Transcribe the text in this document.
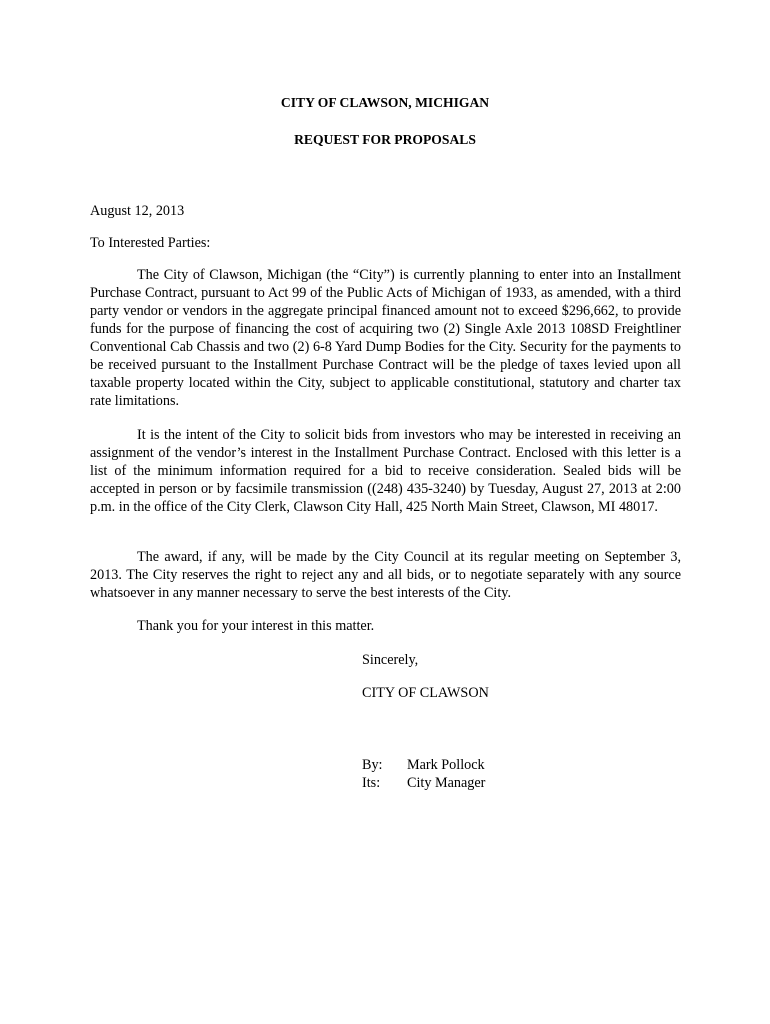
CITY OF CLAWSON, MICHIGAN
REQUEST FOR PROPOSALS
August 12, 2013
To Interested Parties:

The City of Clawson, Michigan (the “City”) is currently planning to enter into an Installment Purchase Contract, pursuant to Act 99 of the Public Acts of Michigan of 1933, as amended, with a third party vendor or vendors in the aggregate principal financed amount not to exceed $296,662, to provide funds for the purpose of financing the cost of acquiring two (2) Single Axle 2013 108SD Freightliner Conventional Cab Chassis and two (2) 6-8 Yard Dump Bodies for the City. Security for the payments to be received pursuant to the Installment Purchase Contract will be the pledge of taxes levied upon all taxable property located within the City, subject to applicable constitutional, statutory and charter tax rate limitations.

It is the intent of the City to solicit bids from investors who may be interested in receiving an assignment of the vendor’s interest in the Installment Purchase Contract. Enclosed with this letter is a list of the minimum information required for a bid to receive consideration. Sealed bids will be accepted in person or by facsimile transmission ((248) 435-3240) by Tuesday, August 27, 2013 at 2:00 p.m. in the office of the City Clerk, Clawson City Hall, 425 North Main Street, Clawson, MI 48017.

The award, if any, will be made by the City Council at its regular meeting on September 3, 2013. The City reserves the right to reject any and all bids, or to negotiate separately with any source whatsoever in any manner necessary to serve the best interests of the City.

Thank you for your interest in this matter.

Sincerely,
CITY OF CLAWSON
By: Mark Pollock
Its: City Manager
